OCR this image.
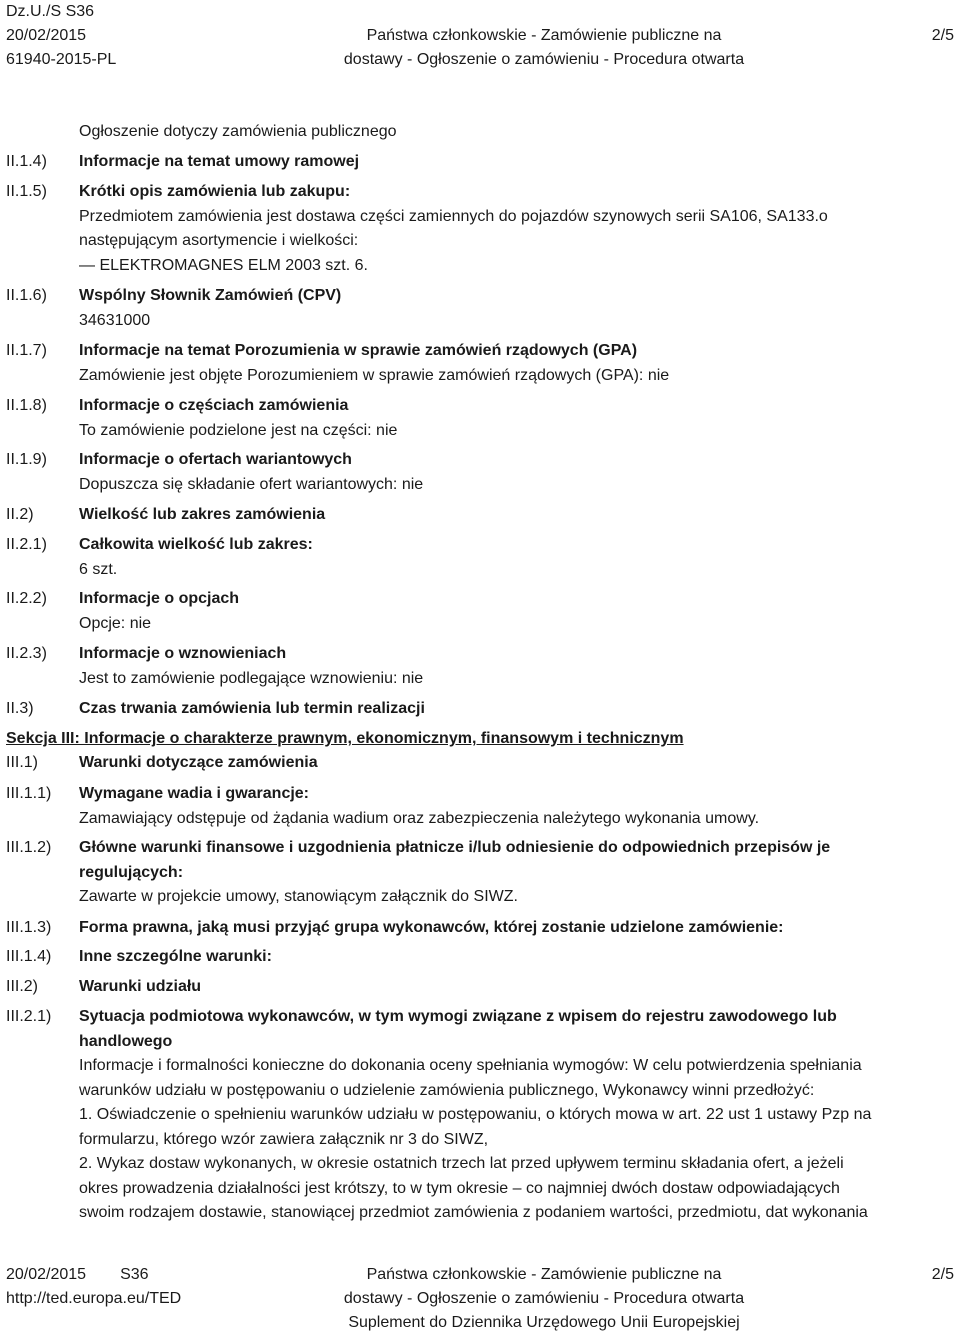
Dz.U./S S36
20/02/2015
61940-2015-PL
Państwa członkowskie - Zamówienie publiczne na
dostawy - Ogłoszenie o zamówieniu - Procedura otwarta
2/5
Ogłoszenie dotyczy zamówienia publicznego
II.1.4) Informacje na temat umowy ramowej
II.1.5) Krótki opis zamówienia lub zakupu:
Przedmiotem zamówienia jest dostawa części zamiennych do pojazdów szynowych serii SA106, SA133.o
następującym asortymencie i wielkości:
— ELEKTROMAGNES ELM 2003 szt. 6.
II.1.6) Wspólny Słownik Zamówień (CPV)
34631000
II.1.7) Informacje na temat Porozumienia w sprawie zamówień rządowych (GPA)
Zamówienie jest objęte Porozumieniem w sprawie zamówień rządowych (GPA): nie
II.1.8) Informacje o częściach zamówienia
To zamówienie podzielone jest na części: nie
II.1.9) Informacje o ofertach wariantowych
Dopuszcza się składanie ofert wariantowych: nie
II.2)	Wielkość lub zakres zamówienia
II.2.1) Całkowita wielkość lub zakres:
6 szt.
II.2.2) Informacje o opcjach
Opcje: nie
II.2.3) Informacje o wznowieniach
Jest to zamówienie podlegające wznowieniu: nie
II.3)	Czas trwania zamówienia lub termin realizacji
Sekcja III: Informacje o charakterze prawnym, ekonomicznym, finansowym i technicznym
III.1)	Warunki dotyczące zamówienia
III.1.1) Wymagane wadia i gwarancje:
Zamawiający odstępuje od żądania wadium oraz zabezpieczenia należytego wykonania umowy.
III.1.2) Główne warunki finansowe i uzgodnienia płatnicze i/lub odniesienie do odpowiednich przepisów je
regulujących:
Zawarte w projekcie umowy, stanowiącym załącznik do SIWZ.
III.1.3) Forma prawna, jaką musi przyjąć grupa wykonawców, której zostanie udzielone zamówienie:
III.1.4) Inne szczególne warunki:
III.2)	Warunki udziału
III.2.1) Sytuacja podmiotowa wykonawców, w tym wymogi związane z wpisem do rejestru zawodowego lub
handlowego
Informacje i formalności konieczne do dokonania oceny spełniania wymogów: W celu potwierdzenia spełniania
warunków udziału w postępowaniu o udzielenie zamówienia publicznego, Wykonawcy winni przedłożyć:
1. Oświadczenie o spełnieniu warunków udziału w postępowaniu, o których mowa w art. 22 ust 1 ustawy Pzp na
formularzu, którego wzór zawiera załącznik nr 3 do SIWZ,
2. Wykaz dostaw wykonanych, w okresie ostatnich trzech lat przed upływem terminu składania ofert, a jeżeli
okres prowadzenia działalności jest krótszy, to w tym okresie – co najmniej dwóch dostaw odpowiadających
swoim rodzajem dostawie, stanowiącej przedmiot zamówienia z podaniem wartości, przedmiotu, dat wykonania
20/02/2015 S36
http://ted.europa.eu/TED
Państwa członkowskie - Zamówienie publiczne na
dostawy - Ogłoszenie o zamówieniu - Procedura otwarta
Suplement do Dziennika Urzędowego Unii Europejskiej
2/5
